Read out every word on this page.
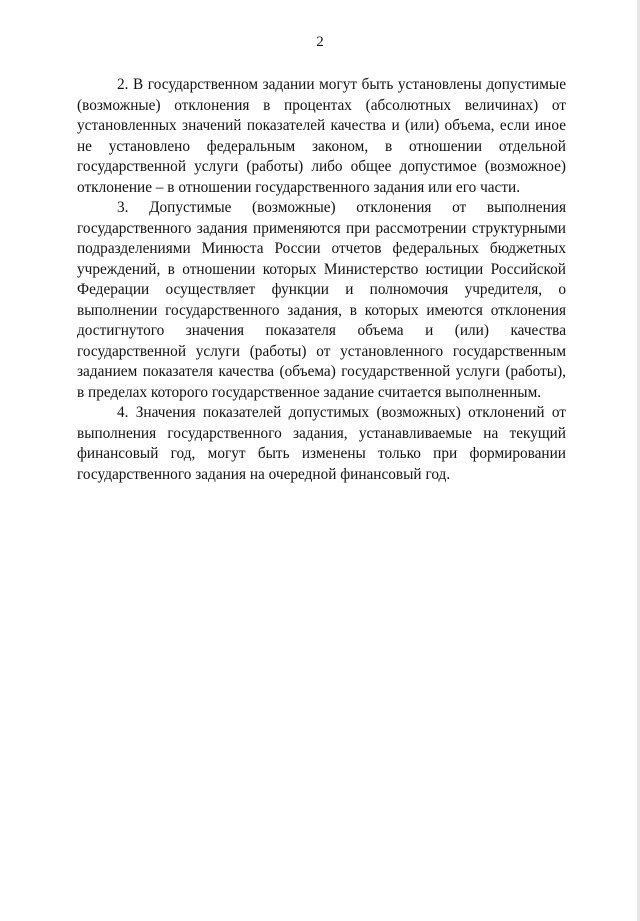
2

2. В государственном задании могут быть установлены допустимые (возможные) отклонения в процентах (абсолютных величинах) от установленных значений показателей качества и (или) объема, если иное не установлено федеральным законом, в отношении отдельной государственной услуги (работы) либо общее допустимое (возможное) отклонение – в отношении государственного задания или его части.

3. Допустимые (возможные) отклонения от выполнения государственного задания применяются при рассмотрении структурными подразделениями Минюста России отчетов федеральных бюджетных учреждений, в отношении которых Министерство юстиции Российской Федерации осуществляет функции и полномочия учредителя, о выполнении государственного задания, в которых имеются отклонения достигнутого значения показателя объема и (или) качества государственной услуги (работы) от установленного государственным заданием показателя качества (объема) государственной услуги (работы), в пределах которого государственное задание считается выполненным.

4. Значения показателей допустимых (возможных) отклонений от выполнения государственного задания, устанавливаемые на текущий финансовый год, могут быть изменены только при формировании государственного задания на очередной финансовый год.
